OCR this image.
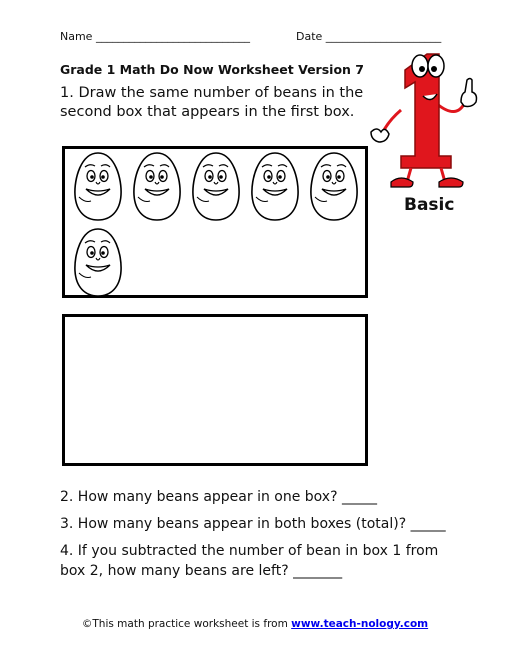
Name ____________________________	Date _____________________
Grade 1 Math Do Now Worksheet Version 7
1. Draw the same number of beans in the second box that appears in the first box.
Basic
2. How many beans appear in one box? _____
3. How many beans appear in both boxes (total)? _____
4. If you subtracted the number of bean in box 1 from
box 2, how many beans are left? _______
©This math practice worksheet is from www.teach-nology.com
